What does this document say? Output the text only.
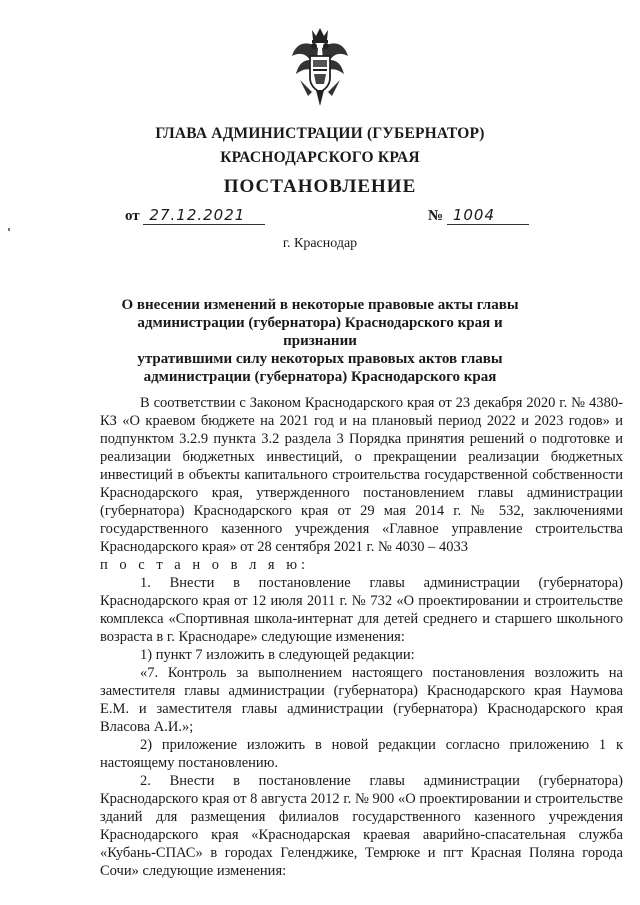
ГЛАВА АДМИНИСТРАЦИИ (ГУБЕРНАТОР)
КРАСНОДАРСКОГО КРАЯ
ПОСТАНОВЛЕНИЕ
от 27.12.2021	№ 1004
г. Краснодар
О внесении изменений в некоторые правовые акты главы
администрации (губернатора) Краснодарского края и признании
утратившими силу некоторых правовых актов главы
администрации (губернатора) Краснодарского края

В соответствии с Законом Краснодарского края от 23 декабря 2020 г. № 4380-КЗ «О краевом бюджете на 2021 год и на плановый период 2022 и 2023 годов» и подпунктом 3.2.9 пункта 3.2 раздела 3 Порядка принятия решений о подготовке и реализации бюджетных инвестиций, о прекращении реализации бюджетных инвестиций в объекты капитального строительства государственной собственности Краснодарского края, утвержденного постановлением главы администрации (губернатора) Краснодарского края от 29 мая 2014 г. № 532, заключениями государственного казенного учреждения «Главное управление строительства Краснодарского края» от 28 сентября 2021 г. № 4030 – 4033

п о с т а н о в л я ю:

1. Внести в постановление главы администрации (губернатора) Краснодарского края от 12 июля 2011 г. № 732 «О проектировании и строительстве комплекса «Спортивная школа-интернат для детей среднего и старшего школьного возраста в г. Краснодаре» следующие изменения:

1) пункт 7 изложить в следующей редакции:

«7. Контроль за выполнением настоящего постановления возложить на заместителя главы администрации (губернатора) Краснодарского края Наумова Е.М. и заместителя главы администрации (губернатора) Краснодарского края Власова А.И.»;

2) приложение изложить в новой редакции согласно приложению 1 к настоящему постановлению.

2. Внести в постановление главы администрации (губернатора) Краснодарского края от 8 августа 2012 г. № 900 «О проектировании и строительстве зданий для размещения филиалов государственного казенного учреждения Краснодарского края «Краснодарская краевая аварийно-спасательная служба «Кубань-СПАС» в городах Геленджике, Темрюке и пгт Красная Поляна города Сочи» следующие изменения:
